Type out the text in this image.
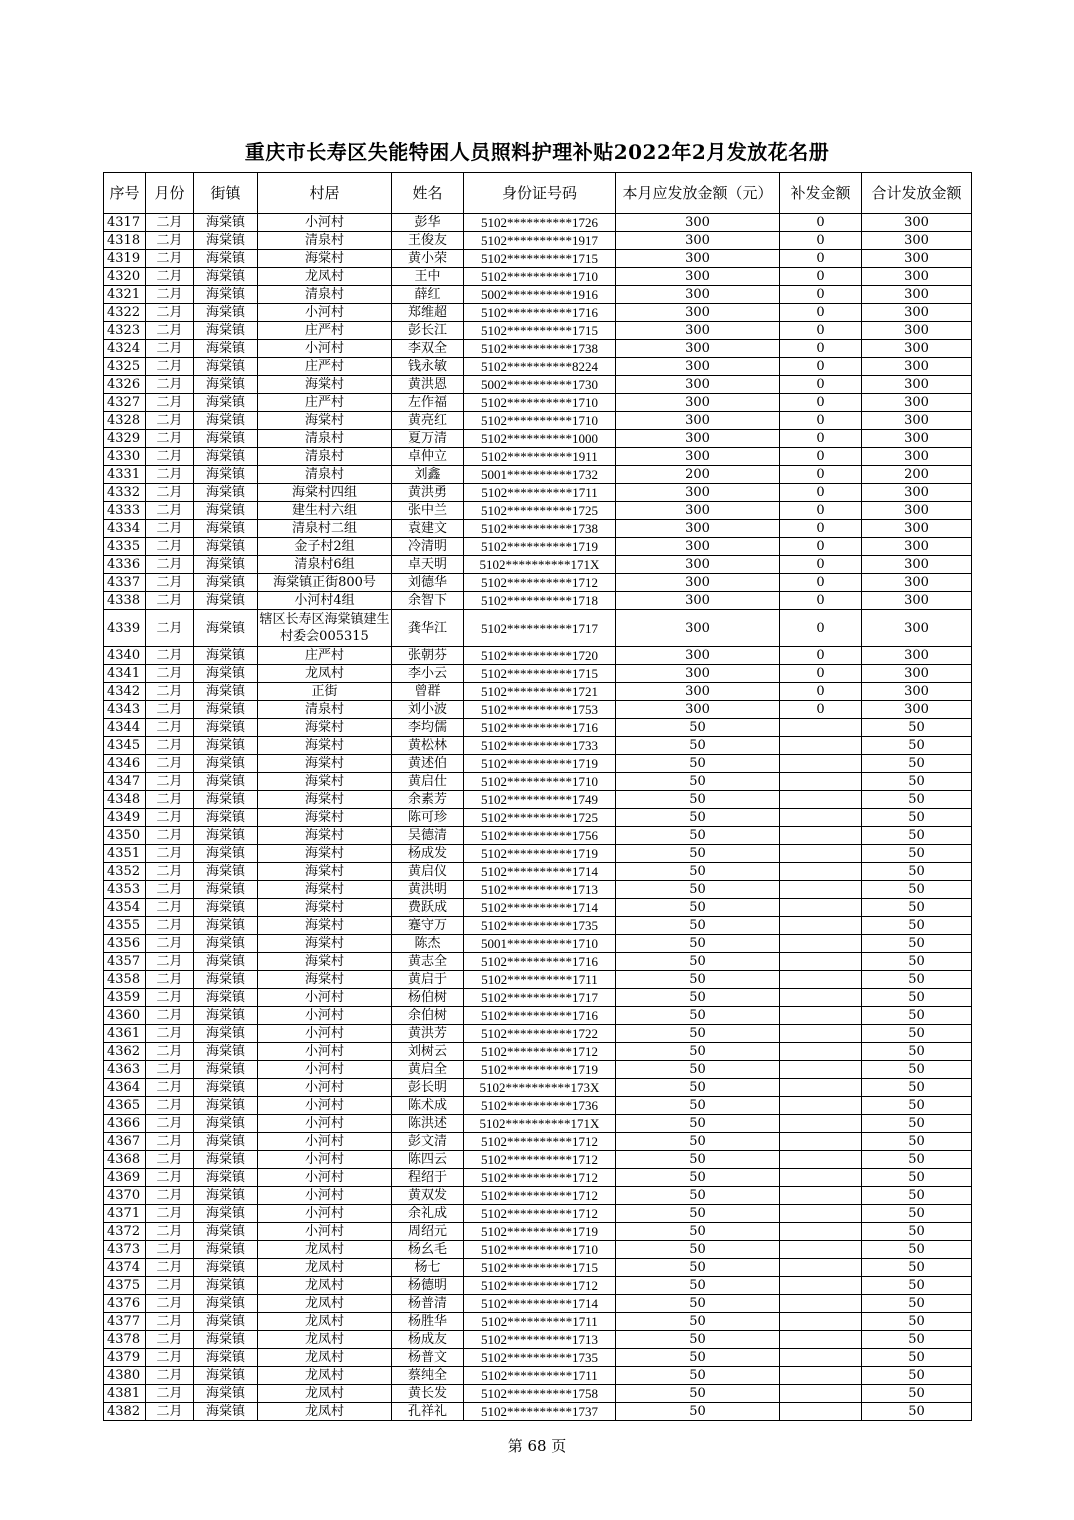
重庆市长寿区失能特困人员照料护理补贴2022年2月发放花名册
序号	月份	街镇	村居	姓名	身份证号码	本月应发放金额（元）	补发金额	合计发放金额
4317	二月	海棠镇	小河村	彭华	5102**********1726	300	0	300
4318	二月	海棠镇	清泉村	王俊友	5102**********1917	300	0	300
4319	二月	海棠镇	海棠村	黄小荣	5102**********1715	300	0	300
4320	二月	海棠镇	龙凤村	王中	5102**********1710	300	0	300
4321	二月	海棠镇	清泉村	薛红	5002**********1916	300	0	300
4322	二月	海棠镇	小河村	郑维超	5102**********1716	300	0	300
4323	二月	海棠镇	庄严村	彭长江	5102**********1715	300	0	300
4324	二月	海棠镇	小河村	李双全	5102**********1738	300	0	300
4325	二月	海棠镇	庄严村	钱永敏	5102**********8224	300	0	300
4326	二月	海棠镇	海棠村	黄洪恩	5002**********1730	300	0	300
4327	二月	海棠镇	庄严村	左作福	5102**********1710	300	0	300
4328	二月	海棠镇	海棠村	黄亮红	5102**********1710	300	0	300
4329	二月	海棠镇	清泉村	夏万清	5102**********1000	300	0	300
4330	二月	海棠镇	清泉村	卓仲立	5102**********1911	300	0	300
4331	二月	海棠镇	清泉村	刘鑫	5001**********1732	200	0	200
4332	二月	海棠镇	海棠村四组	黄洪勇	5102**********1711	300	0	300
4333	二月	海棠镇	建生村六组	张中兰	5102**********1725	300	0	300
4334	二月	海棠镇	清泉村二组	袁建文	5102**********1738	300	0	300
4335	二月	海棠镇	金子村2组	冷清明	5102**********1719	300	0	300
4336	二月	海棠镇	清泉村6组	卓天明	5102**********171X	300	0	300
4337	二月	海棠镇	海棠镇正街800号	刘德华	5102**********1712	300	0	300
4338	二月	海棠镇	小河村4组	余智下	5102**********1718	300	0	300
4339	二月	海棠镇	辖区长寿区海棠镇建生村委会005315	龚华江	5102**********1717	300	0	300
4340	二月	海棠镇	庄严村	张朝芬	5102**********1720	300	0	300
4341	二月	海棠镇	龙凤村	李小云	5102**********1715	300	0	300
4342	二月	海棠镇	正街	曾群	5102**********1721	300	0	300
4343	二月	海棠镇	清泉村	刘小波	5102**********1753	300	0	300
4344	二月	海棠镇	海棠村	李均儒	5102**********1716	50		50
4345	二月	海棠镇	海棠村	黄松林	5102**********1733	50		50
4346	二月	海棠镇	海棠村	黄述伯	5102**********1719	50		50
4347	二月	海棠镇	海棠村	黄启仕	5102**********1710	50		50
4348	二月	海棠镇	海棠村	余素芳	5102**********1749	50		50
4349	二月	海棠镇	海棠村	陈可珍	5102**********1725	50		50
4350	二月	海棠镇	海棠村	吴德清	5102**********1756	50		50
4351	二月	海棠镇	海棠村	杨成发	5102**********1719	50		50
4352	二月	海棠镇	海棠村	黄启仪	5102**********1714	50		50
4353	二月	海棠镇	海棠村	黄洪明	5102**********1713	50		50
4354	二月	海棠镇	海棠村	费跃成	5102**********1714	50		50
4355	二月	海棠镇	海棠村	蹇守万	5102**********1735	50		50
4356	二月	海棠镇	海棠村	陈杰	5001**********1710	50		50
4357	二月	海棠镇	海棠村	黄志全	5102**********1716	50		50
4358	二月	海棠镇	海棠村	黄启于	5102**********1711	50		50
4359	二月	海棠镇	小河村	杨伯树	5102**********1717	50		50
4360	二月	海棠镇	小河村	余伯树	5102**********1716	50		50
4361	二月	海棠镇	小河村	黄洪芳	5102**********1722	50		50
4362	二月	海棠镇	小河村	刘树云	5102**********1712	50		50
4363	二月	海棠镇	小河村	黄启全	5102**********1719	50		50
4364	二月	海棠镇	小河村	彭长明	5102**********173X	50		50
4365	二月	海棠镇	小河村	陈术成	5102**********1736	50		50
4366	二月	海棠镇	小河村	陈洪述	5102**********171X	50		50
4367	二月	海棠镇	小河村	彭文清	5102**********1712	50		50
4368	二月	海棠镇	小河村	陈四云	5102**********1712	50		50
4369	二月	海棠镇	小河村	程绍于	5102**********1712	50		50
4370	二月	海棠镇	小河村	黄双发	5102**********1712	50		50
4371	二月	海棠镇	小河村	余礼成	5102**********1712	50		50
4372	二月	海棠镇	小河村	周绍元	5102**********1719	50		50
4373	二月	海棠镇	龙凤村	杨幺毛	5102**********1710	50		50
4374	二月	海棠镇	龙凤村	杨七	5102**********1715	50		50
4375	二月	海棠镇	龙凤村	杨德明	5102**********1712	50		50
4376	二月	海棠镇	龙凤村	杨普清	5102**********1714	50		50
4377	二月	海棠镇	龙凤村	杨胜华	5102**********1711	50		50
4378	二月	海棠镇	龙凤村	杨成友	5102**********1713	50		50
4379	二月	海棠镇	龙凤村	杨普文	5102**********1735	50		50
4380	二月	海棠镇	龙凤村	蔡纯全	5102**********1711	50		50
4381	二月	海棠镇	龙凤村	黄长发	5102**********1758	50		50
4382	二月	海棠镇	龙凤村	孔祥礼	5102**********1737	50		50
第 68 页
